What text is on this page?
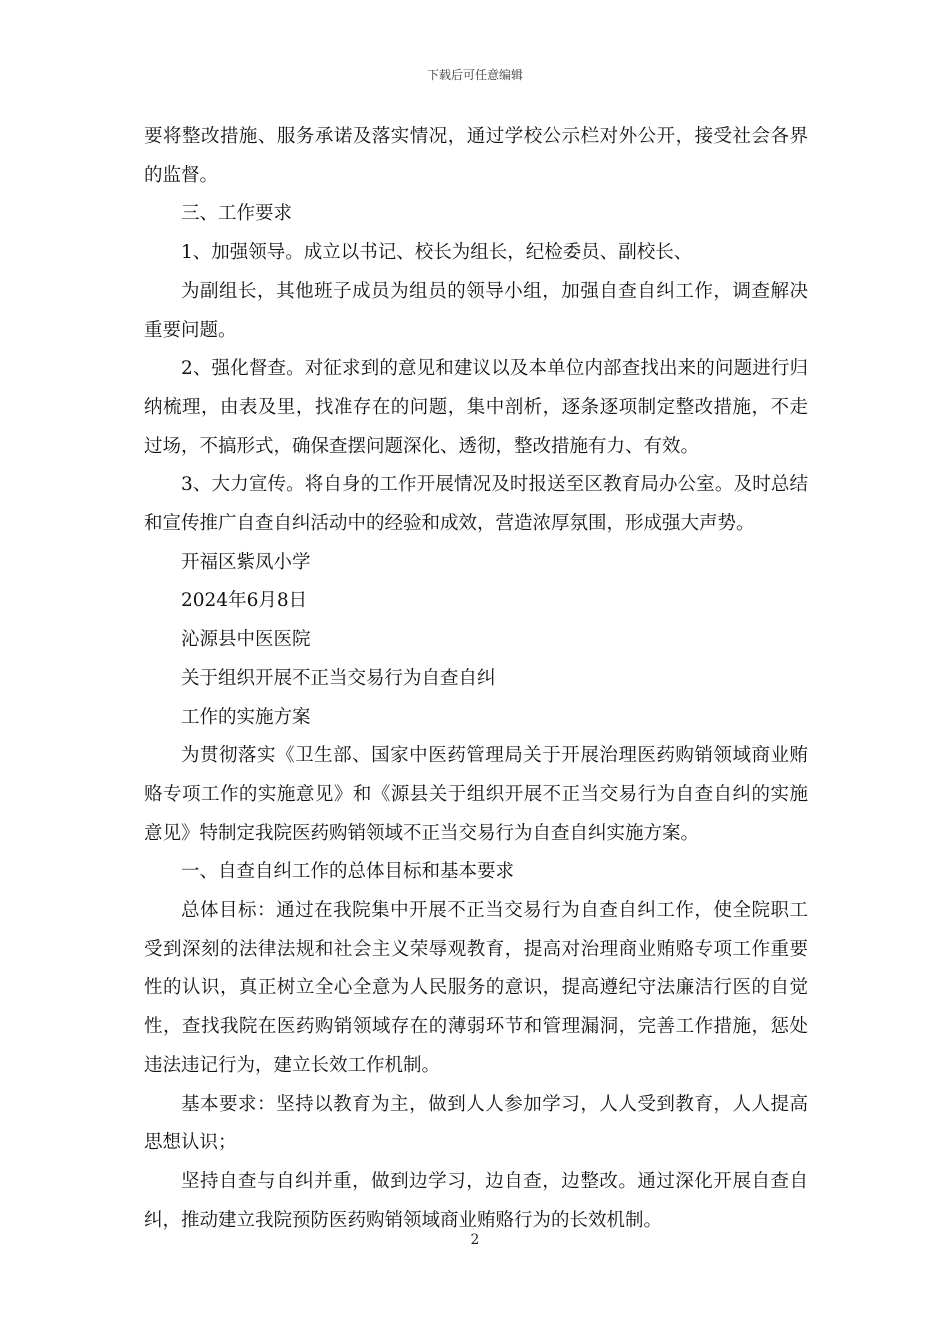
下载后可任意编辑

要将整改措施、服务承诺及落实情况，通过学校公示栏对外公开，接受社会各界的监督。

三、工作要求

1、加强领导。成立以书记、校长为组长，纪检委员、副校长、

为副组长，其他班子成员为组员的领导小组，加强自查自纠工作，调查解决重要问题。

2、强化督查。对征求到的意见和建议以及本单位内部查找出来的问题进行归纳梳理，由表及里，找准存在的问题，集中剖析，逐条逐项制定整改措施，不走过场，不搞形式，确保查摆问题深化、透彻，整改措施有力、有效。

3、大力宣传。将自身的工作开展情况及时报送至区教育局办公室。及时总结和宣传推广自查自纠活动中的经验和成效，营造浓厚氛围，形成强大声势。

开福区紫凤小学

2024年6月8日

沁源县中医医院

关于组织开展不正当交易行为自查自纠

工作的实施方案

为贯彻落实《卫生部、国家中医药管理局关于开展治理医药购销领域商业贿赂专项工作的实施意见》和《源县关于组织开展不正当交易行为自查自纠的实施意见》特制定我院医药购销领域不正当交易行为自查自纠实施方案。

一、自查自纠工作的总体目标和基本要求

总体目标：通过在我院集中开展不正当交易行为自查自纠工作，使全院职工受到深刻的法律法规和社会主义荣辱观教育，提高对治理商业贿赂专项工作重要性的认识，真正树立全心全意为人民服务的意识，提高遵纪守法廉洁行医的自觉性，查找我院在医药购销领域存在的薄弱环节和管理漏洞，完善工作措施，惩处违法违记行为，建立长效工作机制。

基本要求：坚持以教育为主，做到人人参加学习，人人受到教育，人人提高思想认识；

坚持自查与自纠并重，做到边学习，边自查，边整改。通过深化开展自查自纠，推动建立我院预防医药购销领域商业贿赂行为的长效机制。

2
